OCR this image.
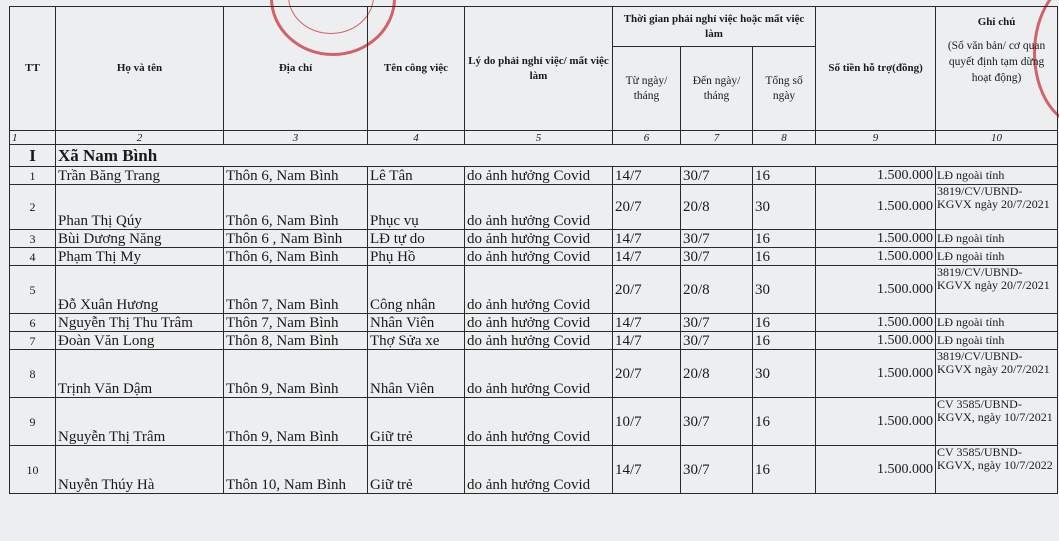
TT	Họ và tên	Địa chỉ	Tên công việc	Lý do phải nghỉ việc/ mất việc làm	Thời gian phải nghỉ việc hoặc mất việc làm			Số tiền hỗ trợ(đồng)	Ghi chú
(Số văn bản/ cơ quan quyết định tạm dừng hoạt động)

					Từ ngày/ tháng	Đến ngày/ tháng	Tổng số ngày		
1	2	3	4	5	6	7	8	9	10
I	Xã Nam Bình								
1	Trần Băng Trang	Thôn 6, Nam Bình	Lê Tân	do ảnh hưởng Covid	14/7	30/7	16	1.500.000	LĐ ngoài tỉnh
2	Phan Thị Qúy	Thôn 6, Nam Bình	Phục vụ	do ảnh hưởng Covid	20/7	20/8	30	1.500.000	3819/CV/UBND-KGVX ngày 20/7/2021
3	Bùi Dương Năng	Thôn 6 , Nam Bình	LĐ tự do	do ảnh hưởng Covid	14/7	30/7	16	1.500.000	LĐ ngoài tỉnh
4	Phạm Thị My	Thôn 6, Nam Bình	Phụ Hồ	do ảnh hưởng Covid	14/7	30/7	16	1.500.000	LĐ ngoài tỉnh
5	Đỗ Xuân Hương	Thôn 7, Nam Bình	Công nhân	do ảnh hưởng Covid	20/7	20/8	30	1.500.000	3819/CV/UBND-KGVX ngày 20/7/2021
6	Nguyễn Thị Thu Trâm	Thôn 7, Nam Bình	Nhân Viên	do ảnh hưởng Covid	14/7	30/7	16	1.500.000	LĐ ngoài tỉnh
7	Đoàn Văn Long	Thôn 8, Nam Bình	Thợ Sửa xe	do ảnh hưởng Covid	14/7	30/7	16	1.500.000	LĐ ngoài tỉnh
8	Trịnh Văn Dậm	Thôn 9, Nam Bình	Nhân Viên	do ảnh hưởng Covid	20/7	20/8	30	1.500.000	3819/CV/UBND-KGVX ngày 20/7/2021
9	Nguyễn Thị Trâm	Thôn 9, Nam Bình	Giữ trẻ	do ảnh hưởng Covid	10/7	30/7	16	1.500.000	CV 3585/UBND-KGVX, ngày 10/7/2021
10	Nuyễn Thúy Hà	Thôn 10, Nam Bình	Giữ trẻ	do ảnh hưởng Covid	14/7	30/7	16	1.500.000	CV 3585/UBND-KGVX, ngày 10/7/2022
